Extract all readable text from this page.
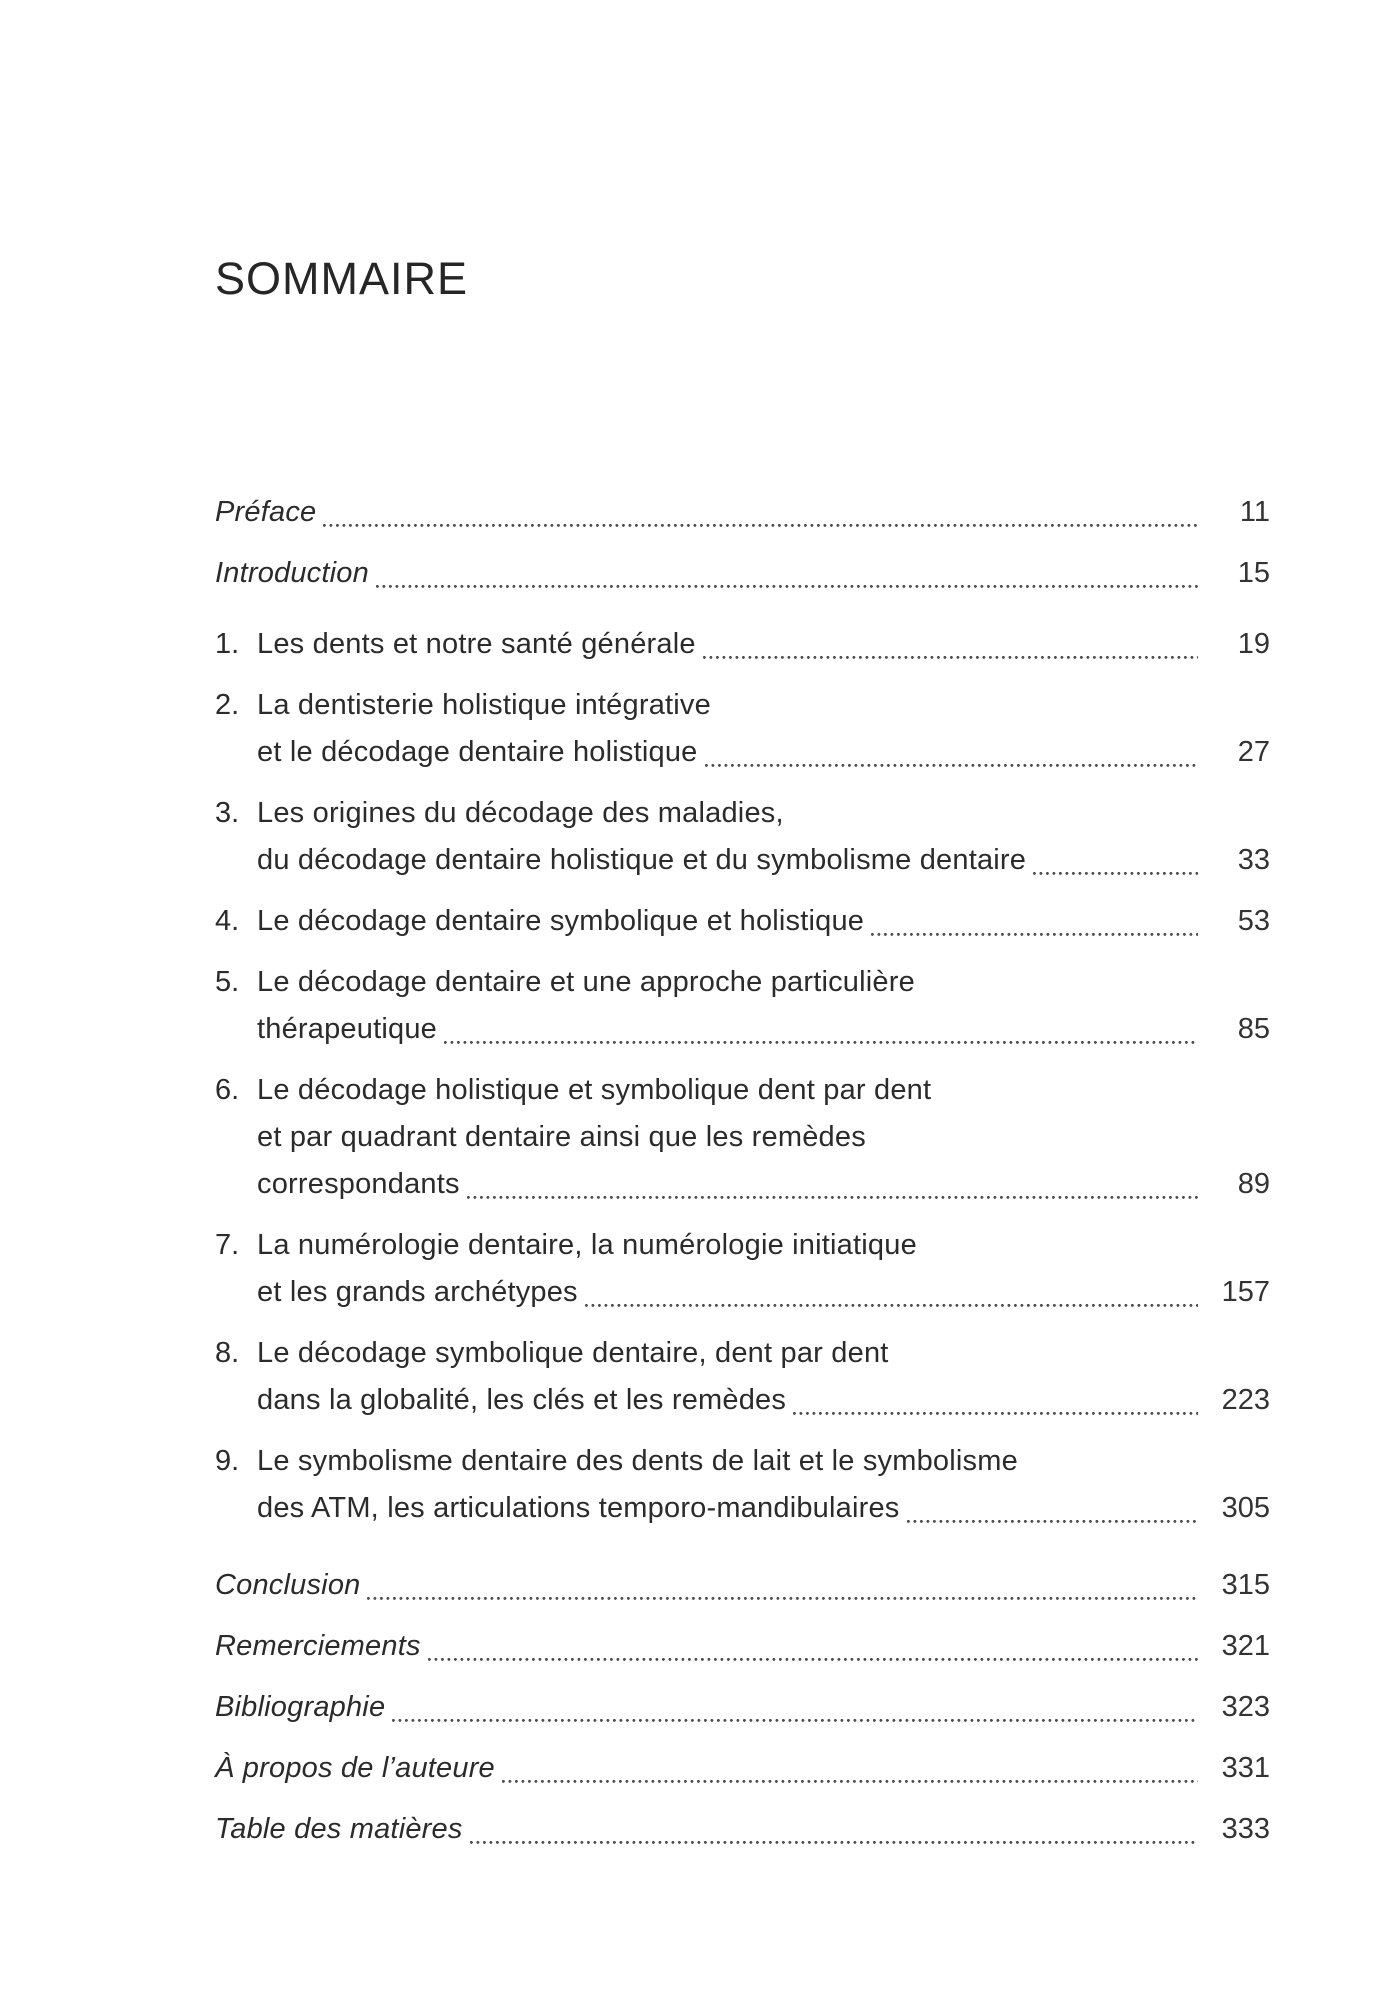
SOMMAIRE
Préface	11
Introduction	15
1. Les dents et notre santé générale	19
2. La dentisterie holistique intégrative
et le décodage dentaire holistique	27
3. Les origines du décodage des maladies,
du décodage dentaire holistique et du symbolisme dentaire	33
4. Le décodage dentaire symbolique et holistique	53
5. Le décodage dentaire et une approche particulière
thérapeutique	85
6. Le décodage holistique et symbolique dent par dent
et par quadrant dentaire ainsi que les remèdes
correspondants	89
7. La numérologie dentaire, la numérologie initiatique
et les grands archétypes	157
8. Le décodage symbolique dentaire, dent par dent
dans la globalité, les clés et les remèdes	223
9. Le symbolisme dentaire des dents de lait et le symbolisme
des ATM, les articulations temporo-mandibulaires	305
Conclusion	315
Remerciements	321
Bibliographie	323
À propos de l’auteure	331
Table des matières	333
